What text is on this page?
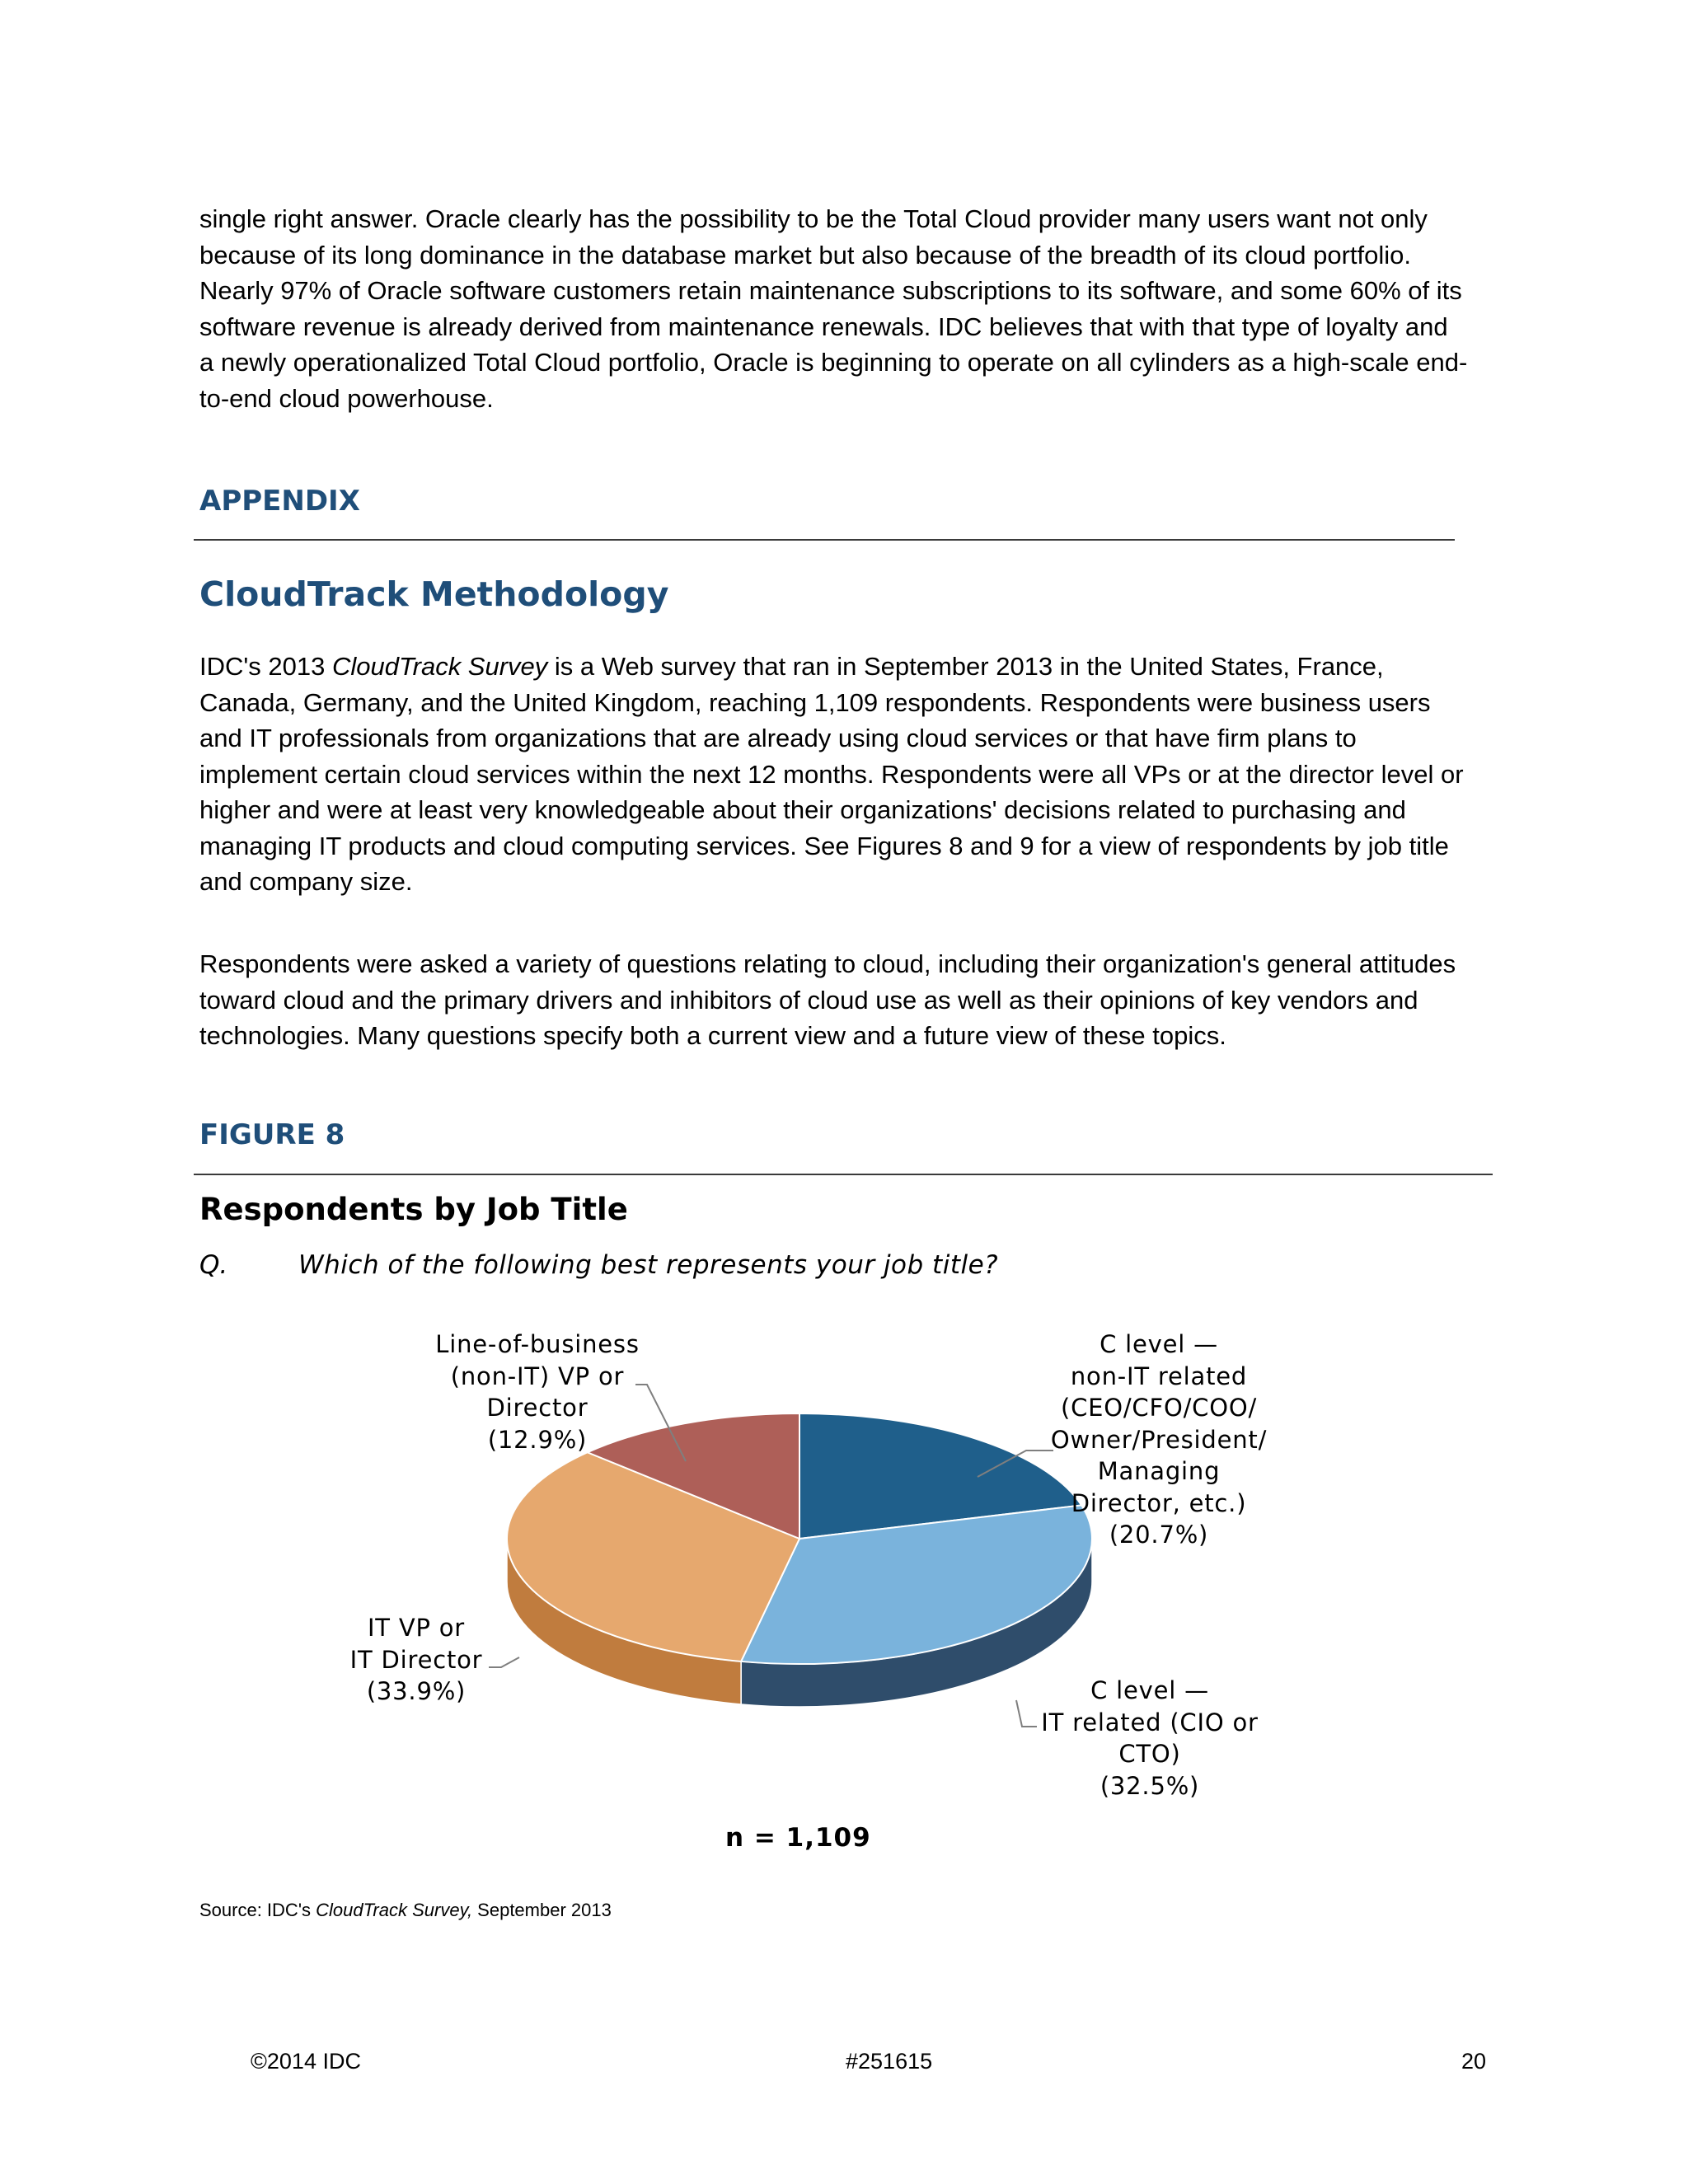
single right answer. Oracle clearly has the possibility to be the Total Cloud provider many users want not only because of its long dominance in the database market but also because of the breadth of its cloud portfolio. Nearly 97% of Oracle software customers retain maintenance subscriptions to its software, and some 60% of its software revenue is already derived from maintenance renewals. IDC believes that with that type of loyalty and a newly operationalized Total Cloud portfolio, Oracle is beginning to operate on all cylinders as a high-scale end-to-end cloud powerhouse.

APPENDIX
CloudTrack Methodology

IDC's 2013 CloudTrack Survey is a Web survey that ran in September 2013 in the United States, France, Canada, Germany, and the United Kingdom, reaching 1,109 respondents. Respondents were business users and IT professionals from organizations that are already using cloud services or that have firm plans to implement certain cloud services within the next 12 months. Respondents were all VPs or at the director level or higher and were at least very knowledgeable about their organizations' decisions related to purchasing and managing IT products and cloud computing services. See Figures 8 and 9 for a view of respondents by job title and company size.

Respondents were asked a variety of questions relating to cloud, including their organization's general attitudes toward cloud and the primary drivers and inhibitors of cloud use as well as their opinions of key vendors and technologies. Many questions specify both a current view and a future view of these topics.

FIGURE 8
Respondents by Job Title
Q.	Which of the following best represents your job title?
C level —
non-IT related
(CEO/CFO/COO/
Owner/President/
Managing
Director, etc.)
(20.7%)
C level —
IT related (CIO or
CTO)
(32.5%)
IT VP or
IT Director
(33.9%)
Line-of-business
(non-IT) VP or
Director
(12.9%)
n = 1,109
Source: IDC's CloudTrack Survey, September 2013
©2014 IDC	#251615	20
